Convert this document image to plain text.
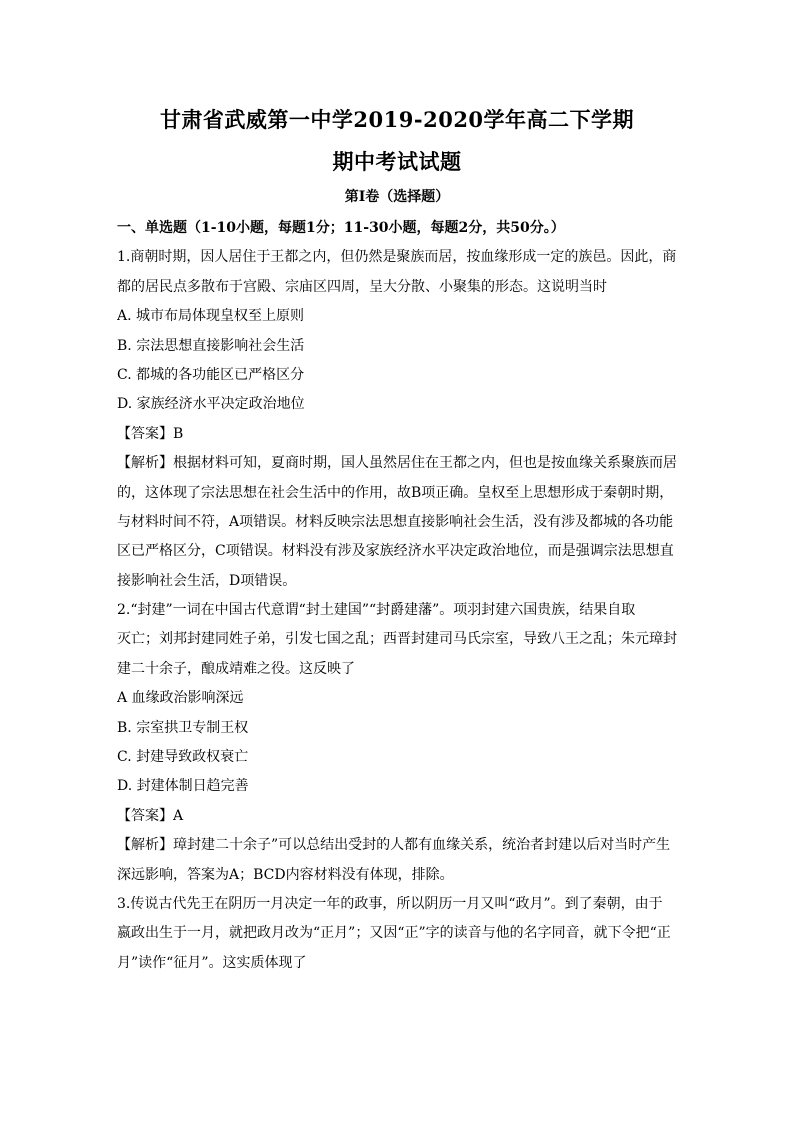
甘肃省武威第一中学2019-2020学年高二下学期
期中考试试题
第Ⅰ卷（选择题）
一、单选题（1-10小题，每题1分；11-30小题，每题2分，共50分。）
1.商朝时期，因人居住于王都之内，但仍然是聚族而居，按血缘形成一定的族邑。因此，商
都的居民点多散布于宫殿、宗庙区四周，呈大分散、小聚集的形态。这说明当时
A. 城市布局体现皇权至上原则
B. 宗法思想直接影响社会生活
C. 都城的各功能区已严格区分
D. 家族经济水平决定政治地位
【答案】B
【解析】根据材料可知，夏商时期，国人虽然居住在王都之内，但也是按血缘关系聚族而居
的，这体现了宗法思想在社会生活中的作用，故B项正确。皇权至上思想形成于秦朝时期，
与材料时间不符，A项错误。材料反映宗法思想直接影响社会生活，没有涉及都城的各功能
区已严格区分，C项错误。材料没有涉及家族经济水平决定政治地位，而是强调宗法思想直
接影响社会生活，D项错误。
2.“封建”一词在中国古代意谓“封土建国”“封爵建藩”。项羽封建六国贵族，结果自取
灭亡；刘邦封建同姓子弟，引发七国之乱；西晋封建司马氏宗室，导致八王之乱；朱元璋封
建二十余子，酿成靖难之役。这反映了
A 血缘政治影响深远
B. 宗室拱卫专制王权
C. 封建导致政权衰亡
D. 封建体制日趋完善
【答案】A
【解析】璋封建二十余子”可以总结出受封的人都有血缘关系，统治者封建以后对当时产生
深远影响，答案为A；BCD内容材料没有体现，排除。
3.传说古代先王在阴历一月决定一年的政事，所以阴历一月又叫“政月”。到了秦朝，由于
嬴政出生于一月，就把政月改为“正月”；又因“正”字的读音与他的名字同音，就下令把“正
月”读作“征月”。这实质体现了
